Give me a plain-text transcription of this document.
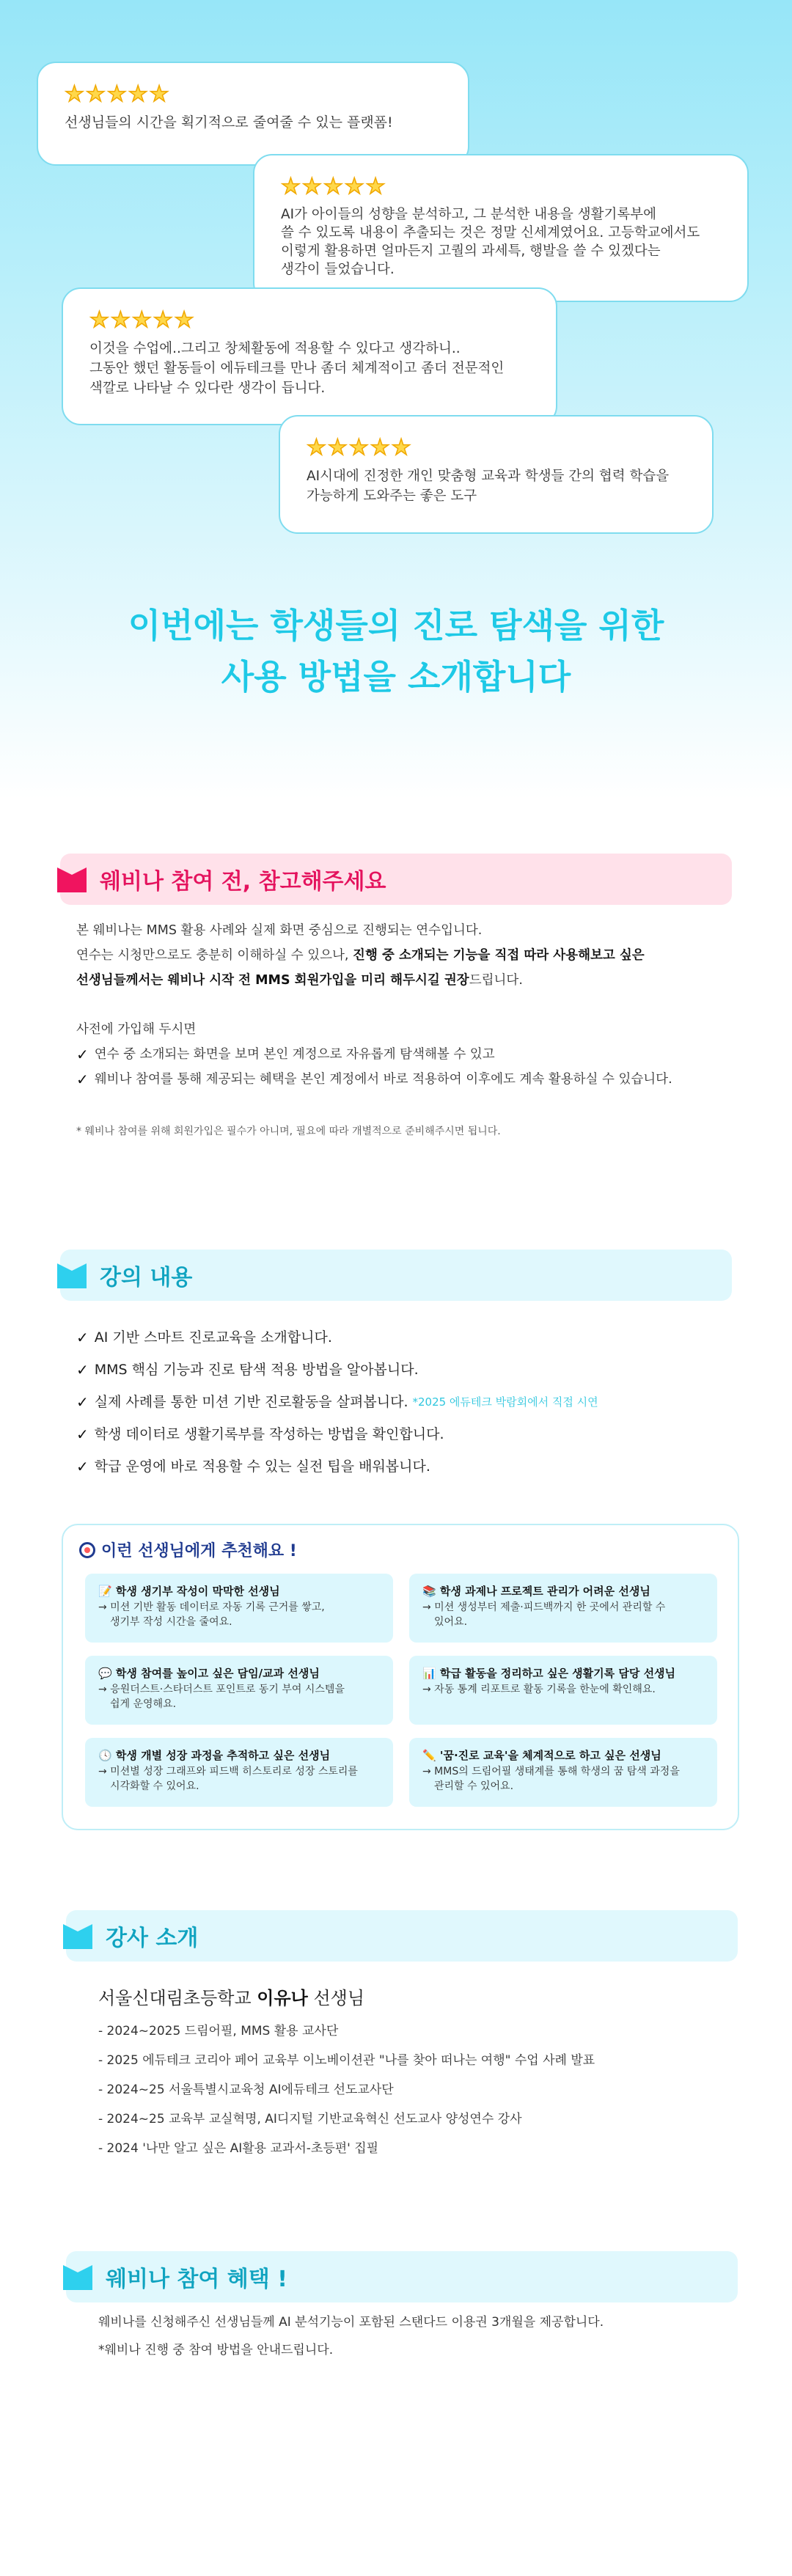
★ ★ ★ ★ ★

선생님들의 시간을 획기적으로 줄여줄 수 있는 플랫폼!

★ ★ ★ ★ ★

AI가 아이들의 성향을 분석하고, 그 분석한 내용을 생활기록부에
쓸 수 있도록 내용이 추출되는 것은 정말 신세계였어요. 고등학교에서도
이렇게 활용하면 얼마든지 고퀄의 과세특, 행발을 쓸 수 있겠다는
생각이 들었습니다.

★ ★ ★ ★ ★

이것을 수업에..그리고 창체활동에 적용할 수 있다고 생각하니..
그동안 했던 활동들이 에듀테크를 만나 좀더 체계적이고 좀더 전문적인
색깔로 나타날 수 있다란 생각이 듭니다.

★ ★ ★ ★ ★

AI시대에 진정한 개인 맞춤형 교육과 학생들 간의 협력 학습을
가능하게 도와주는 좋은 도구

이번에는 학생들의 진로 탐색을 위한
사용 방법을 소개합니다
웨비나 참여 전, 참고해주세요
본 웨비나는 MMS 활용 사례와 실제 화면 중심으로 진행되는 연수입니다.
연수는 시청만으로도 충분히 이해하실 수 있으나, 진행 중 소개되는 기능을 직접 따라 사용해보고 싶은
선생님들께서는 웨비나 시작 전 MMS 회원가입을 미리 해두시길 권장드립니다.
사전에 가입해 두시면
✓ 연수 중 소개되는 화면을 보며 본인 계정으로 자유롭게 탐색해볼 수 있고
✓ 웨비나 참여를 통해 제공되는 혜택을 본인 계정에서 바로 적용하여 이후에도 계속 활용하실 수 있습니다.
* 웨비나 참여를 위해 회원가입은 필수가 아니며, 필요에 따라 개별적으로 준비해주시면 됩니다.
강의 내용
✓ AI 기반 스마트 진로교육을 소개합니다.
✓ MMS 핵심 기능과 진로 탐색 적용 방법을 알아봅니다.
✓ 실제 사례를 통한 미션 기반 진로활동을 살펴봅니다. *2025 에듀테크 박람회에서 직접 시연
✓ 학생 데이터로 생활기록부를 작성하는 방법을 확인합니다.
✓ 학급 운영에 바로 적용할 수 있는 실전 팁을 배워봅니다.
이런 선생님에게 추천해요 !
📝 학생 생기부 작성이 막막한 선생님
→ 미션 기반 활동 데이터로 자동 기록 근거를 쌓고,
생기부 작성 시간을 줄여요.
📚 학생 과제나 프로젝트 관리가 어려운 선생님
→ 미션 생성부터 제출·피드백까지 한 곳에서 관리할 수
있어요.
💬 학생 참여를 높이고 싶은 담임/교과 선생님
→ 응원더스트·스타더스트 포인트로 동기 부여 시스템을
쉽게 운영해요.
📊 학급 활동을 정리하고 싶은 생활기록 담당 선생님
→ 자동 통계 리포트로 활동 기록을 한눈에 확인해요.
🕓 학생 개별 성장 과정을 추적하고 싶은 선생님
→ 미션별 성장 그래프와 피드백 히스토리로 성장 스토리를
시각화할 수 있어요.
✏️ '꿈·진로 교육'을 체계적으로 하고 싶은 선생님
→ MMS의 드림어필 생태계를 통해 학생의 꿈 탐색 과정을
관리할 수 있어요.
강사 소개
서울신대림초등학교 이유나 선생님
- 2024~2025 드림어필, MMS 활용 교사단
- 2025 에듀테크 코리아 페어 교육부 이노베이션관 "나를 찾아 떠나는 여행" 수업 사례 발표
- 2024~25 서울특별시교육청 AI에듀테크 선도교사단
- 2024~25 교육부 교실혁명, AI디지털 기반교육혁신 선도교사 양성연수 강사
- 2024 '나만 알고 싶은 AI활용 교과서-초등편' 집필
웨비나 참여 혜택 !
웨비나를 신청해주신 선생님들께 AI 분석기능이 포함된 스탠다드 이용권 3개월을 제공합니다.
*웨비나 진행 중 참여 방법을 안내드립니다.
